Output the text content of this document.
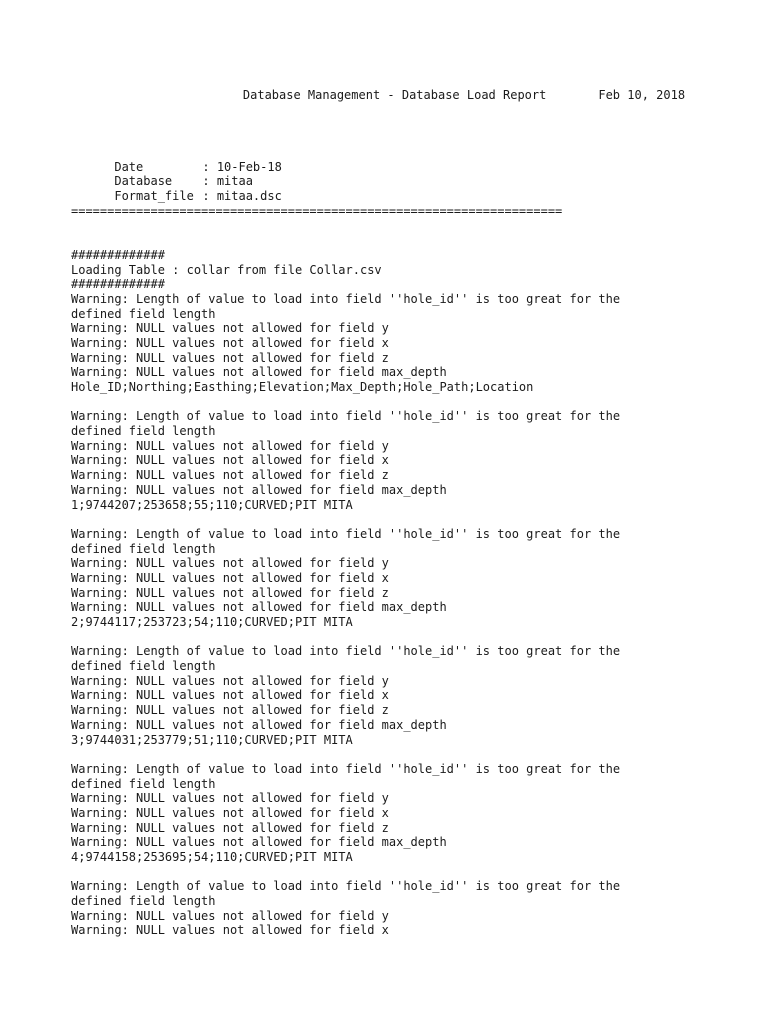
Database Management - Database Load Report	Feb 10, 2018

Date	: 10-Feb-18

Database	: mitaa

Format_file : mitaa.dsc

====================================================================
#############
Loading Table : collar from file Collar.csv
#############
Warning: Length of value to load into field ''hole_id'' is too great for the
defined field length
Warning: NULL values not allowed for field y
Warning: NULL values not allowed for field x
Warning: NULL values not allowed for field z
Warning: NULL values not allowed for field max_depth
Hole_ID;Northing;Easthing;Elevation;Max_Depth;Hole_Path;Location
Warning: Length of value to load into field ''hole_id'' is too great for the
defined field length
Warning: NULL values not allowed for field y
Warning: NULL values not allowed for field x
Warning: NULL values not allowed for field z
Warning: NULL values not allowed for field max_depth
1;9744207;253658;55;110;CURVED;PIT MITA
Warning: Length of value to load into field ''hole_id'' is too great for the
defined field length
Warning: NULL values not allowed for field y
Warning: NULL values not allowed for field x
Warning: NULL values not allowed for field z
Warning: NULL values not allowed for field max_depth
2;9744117;253723;54;110;CURVED;PIT MITA
Warning: Length of value to load into field ''hole_id'' is too great for the
defined field length
Warning: NULL values not allowed for field y
Warning: NULL values not allowed for field x
Warning: NULL values not allowed for field z
Warning: NULL values not allowed for field max_depth
3;9744031;253779;51;110;CURVED;PIT MITA
Warning: Length of value to load into field ''hole_id'' is too great for the
defined field length
Warning: NULL values not allowed for field y
Warning: NULL values not allowed for field x
Warning: NULL values not allowed for field z
Warning: NULL values not allowed for field max_depth
4;9744158;253695;54;110;CURVED;PIT MITA
Warning: Length of value to load into field ''hole_id'' is too great for the
defined field length
Warning: NULL values not allowed for field y
Warning: NULL values not allowed for field x
